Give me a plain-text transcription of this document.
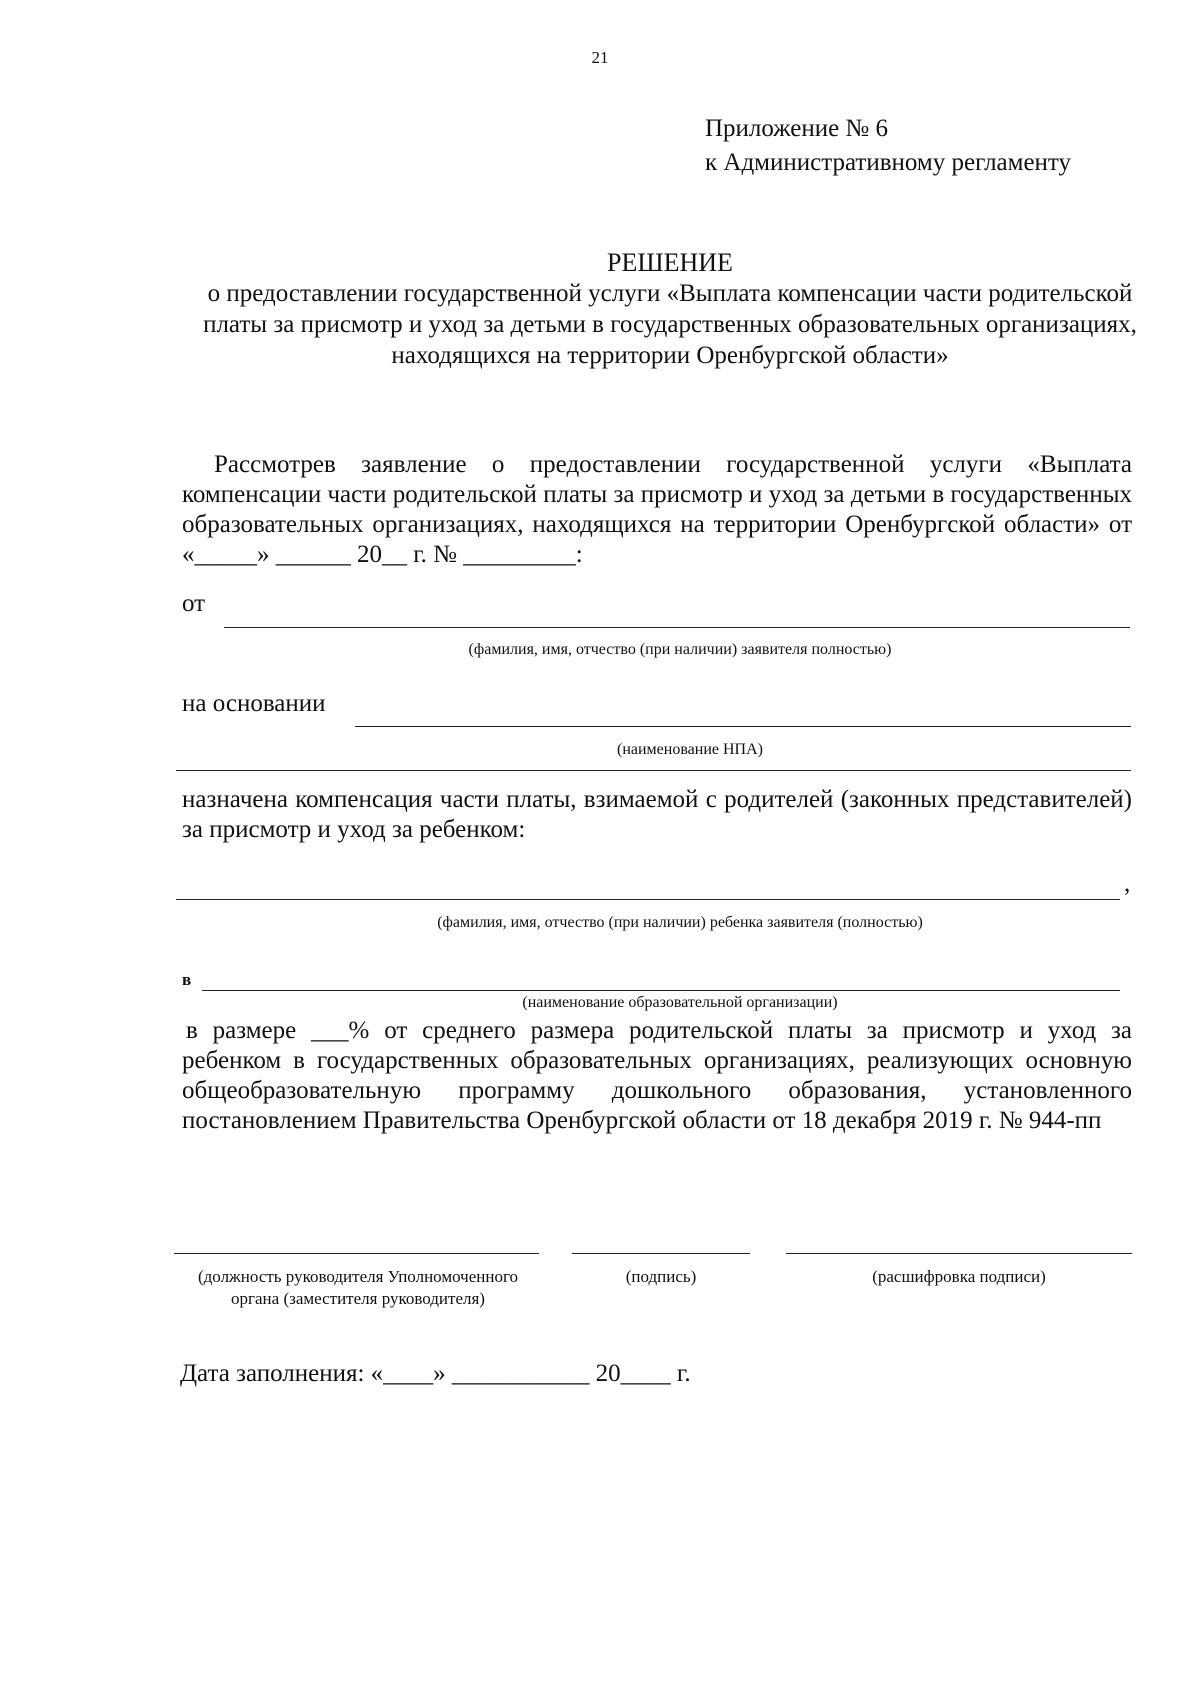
21
Приложение № 6
к Административному регламенту
РЕШЕНИЕ
о предоставлении государственной услуги «Выплата компенсации части родительской платы за присмотр и уход за детьми в государственных образовательных организациях, находящихся на территории Оренбургской области»
Рассмотрев заявление о предоставлении государственной услуги «Выплата компенсации части родительской платы за присмотр и уход за детьми в государственных образовательных организациях, находящихся на территории Оренбургской области» от «_____» ______ 20__ г. № _________:
от
(фамилия, имя, отчество (при наличии) заявителя полностью)
на основании
(наименование НПА)
назначена компенсация части платы, взимаемой с родителей (законных представителей) за присмотр и уход за ребенком:
,
(фамилия, имя, отчество (при наличии) ребенка заявителя (полностью)
в
(наименование образовательной организации)
в размере ___% от среднего размера родительской платы за присмотр и уход за ребенком в государственных образовательных организациях, реализующих основную общеобразовательную программу дошкольного образования, установленного постановлением Правительства Оренбургской области от 18 декабря 2019 г. № 944-пп
(должность руководителя Уполномоченного органа (заместителя руководителя)
(подпись)	(расшифровка подписи)
Дата заполнения: «____» ___________ 20____ г.
